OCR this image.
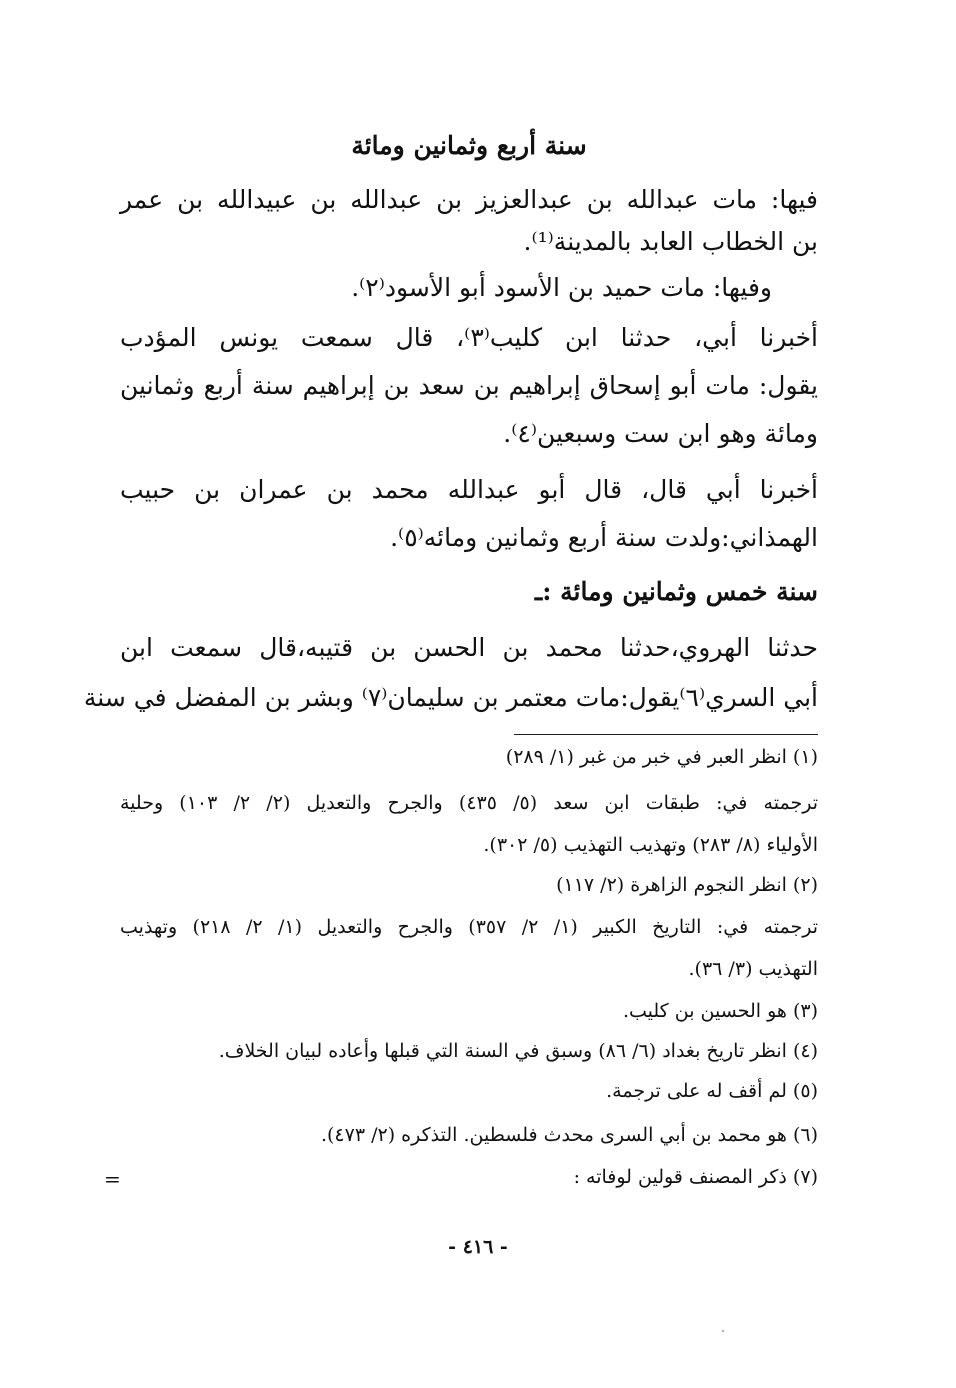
سنة أربع وثمانين ومائة
فيها: مات عبدالله بن عبدالعزيز بن عبدالله بن عبيدالله بن عمر
بن الخطاب العابد بالمدينة⁽¹⁾.
وفيها: مات حميد بن الأسود أبو الأسود⁽٢⁾.
أخبرنا أبي، حدثنا ابن كليب⁽٣⁾، قال سمعت يونس المؤدب
يقول: مات أبو إسحاق إبراهيم بن سعد بن إبراهيم سنة أربع وثمانين
ومائة وهو ابن ست وسبعين⁽٤⁾.
أخبرنا أبي قال، قال أبو عبدالله محمد بن عمران بن حبيب
الهمذاني:ولدت سنة أربع وثمانين ومائه⁽٥⁾.
سنة خمس وثمانين ومائة :ـ
حدثنا الهروي،حدثنا محمد بن الحسن بن قتيبه،قال سمعت ابن
أبي السري⁽٦⁾يقول:مات معتمر بن سليمان⁽٧⁾ وبشر بن المفضل في سنة
(١) انظر العبر في خبر من غبر (١/ ٢٨٩)
ترجمته في: طبقات ابن سعد (٥/ ٤٣٥) والجرح والتعديل (٢/ ٢/ ١٠٣) وحلية
الأولياء (٨/ ٢٨٣) وتهذيب التهذيب (٥/ ٣٠٢).
(٢) انظر النجوم الزاهرة (٢/ ١١٧)
ترجمته في: التاريخ الكبير (١/ ٢/ ٣٥٧) والجرح والتعديل (١/ ٢/ ٢١٨) وتهذيب
التهذيب (٣/ ٣٦).
(٣) هو الحسين بن كليب.
(٤) انظر تاريخ بغداد (٦/ ٨٦) وسبق في السنة التي قبلها وأعاده لبيان الخلاف.
(٥) لم أقف له على ترجمة.
(٦) هو محمد بن أبي السرى محدث فلسطين. التذكره (٢/ ٤٧٣).
(٧) ذكر المصنف قولين لوفاته :
=
- ٤١٦ -
